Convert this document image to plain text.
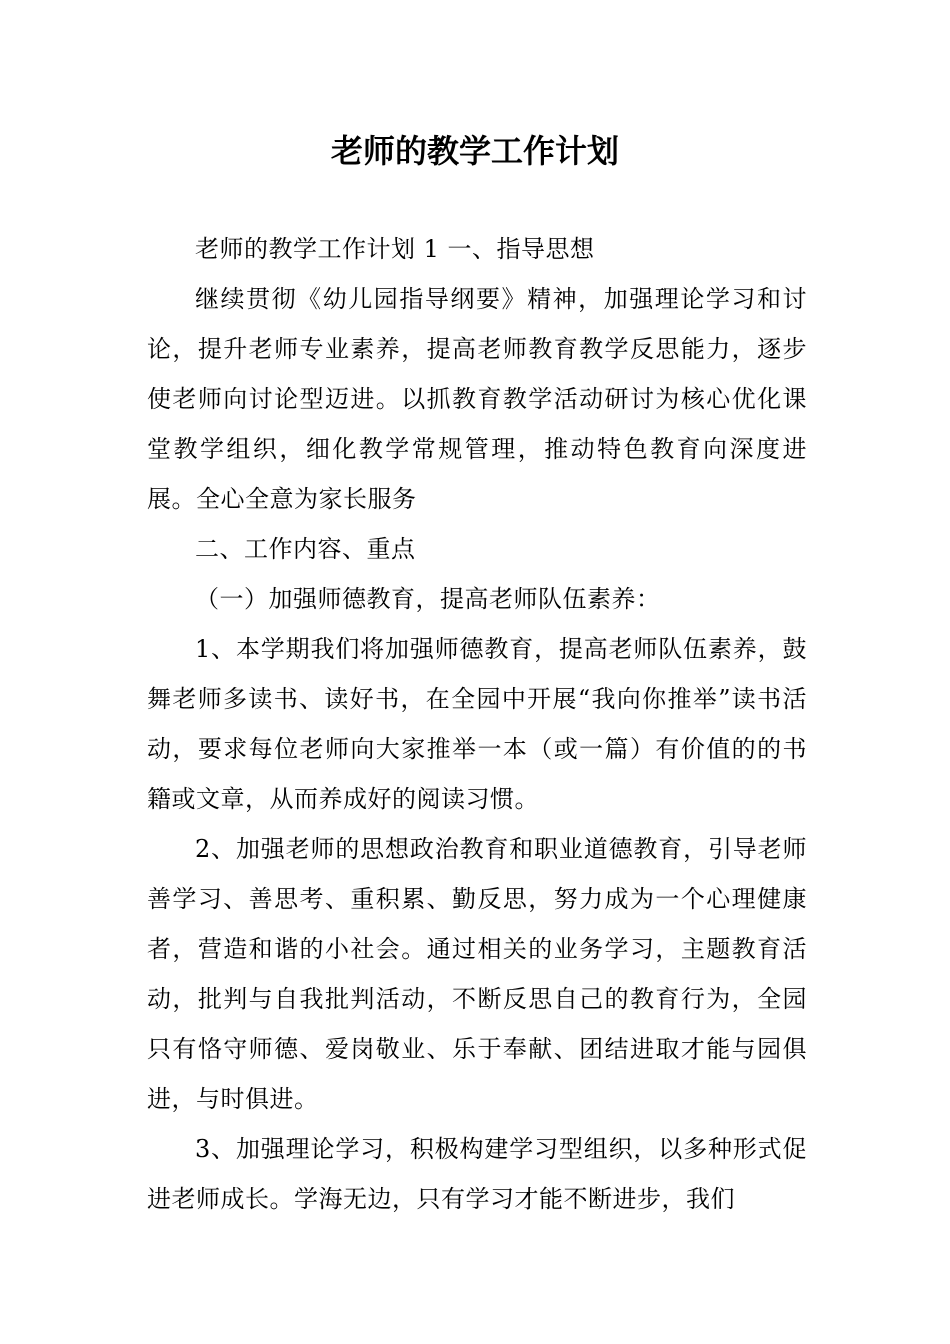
老师的教学工作计划

老师的教学工作计划 1 一、指导思想

继续贯彻《幼儿园指导纲要》精神，加强理论学习和讨论，提升老师专业素养，提高老师教育教学反思能力，逐步使老师向讨论型迈进。以抓教育教学活动研讨为核心优化课堂教学组织，细化教学常规管理，推动特色教育向深度进展。全心全意为家长服务

二、工作内容、重点

（一）加强师德教育，提高老师队伍素养：

1、本学期我们将加强师德教育，提高老师队伍素养，鼓舞老师多读书、读好书，在全园中开展“我向你推举”读书活动，要求每位老师向大家推举一本（或一篇）有价值的的书籍或文章，从而养成好的阅读习惯。

2、加强老师的思想政治教育和职业道德教育，引导老师善学习、善思考、重积累、勤反思，努力成为一个心理健康者，营造和谐的小社会。通过相关的业务学习，主题教育活动，批判与自我批判活动，不断反思自己的教育行为，全园只有恪守师德、爱岗敬业、乐于奉献、团结进取才能与园俱进，与时俱进。

3、加强理论学习，积极构建学习型组织，以多种形式促进老师成长。学海无边，只有学习才能不断进步，我们
